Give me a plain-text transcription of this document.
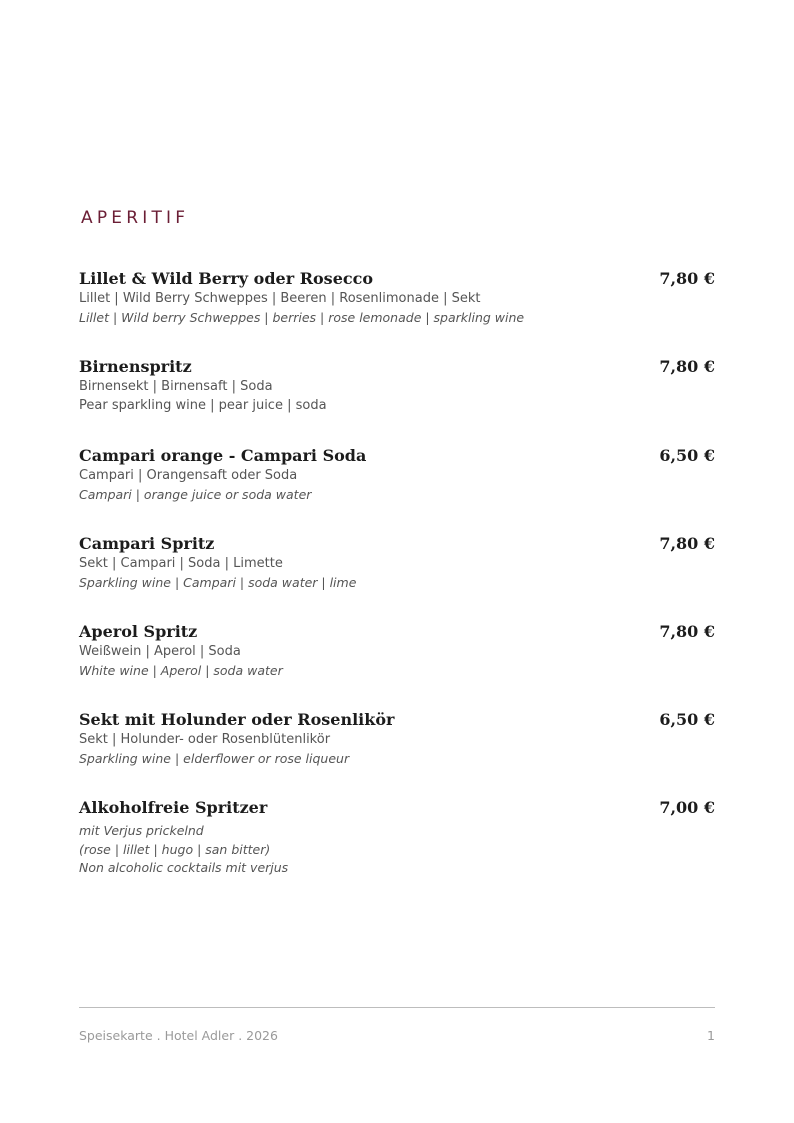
APERITIF
Lillet & Wild Berry oder Rosecco	7,80 €
Lillet | Wild Berry Schweppes | Beeren | Rosenlimonade | Sekt
Lillet | Wild berry Schweppes | berries | rose lemonade | sparkling wine
Birnenspritz	7,80 €
Birnensekt | Birnensaft | Soda
Pear sparkling wine | pear juice | soda
Campari orange - Campari Soda	6,50 €
Campari | Orangensaft oder Soda
Campari | orange juice or soda water
Campari Spritz	7,80 €
Sekt | Campari | Soda | Limette
Sparkling wine | Campari | soda water | lime
Aperol Spritz	7,80 €
Weißwein | Aperol | Soda
White wine | Aperol | soda water
Sekt mit Holunder oder Rosenlikör	6,50 €
Sekt | Holunder- oder Rosenblütenlikör
Sparkling wine | elderflower or rose liqueur
Alkoholfreie Spritzer	7,00 €
mit Verjus prickelnd
(rose | lillet | hugo | san bitter)
Non alcoholic cocktails mit verjus
Speisekarte . Hotel Adler . 2026	1
